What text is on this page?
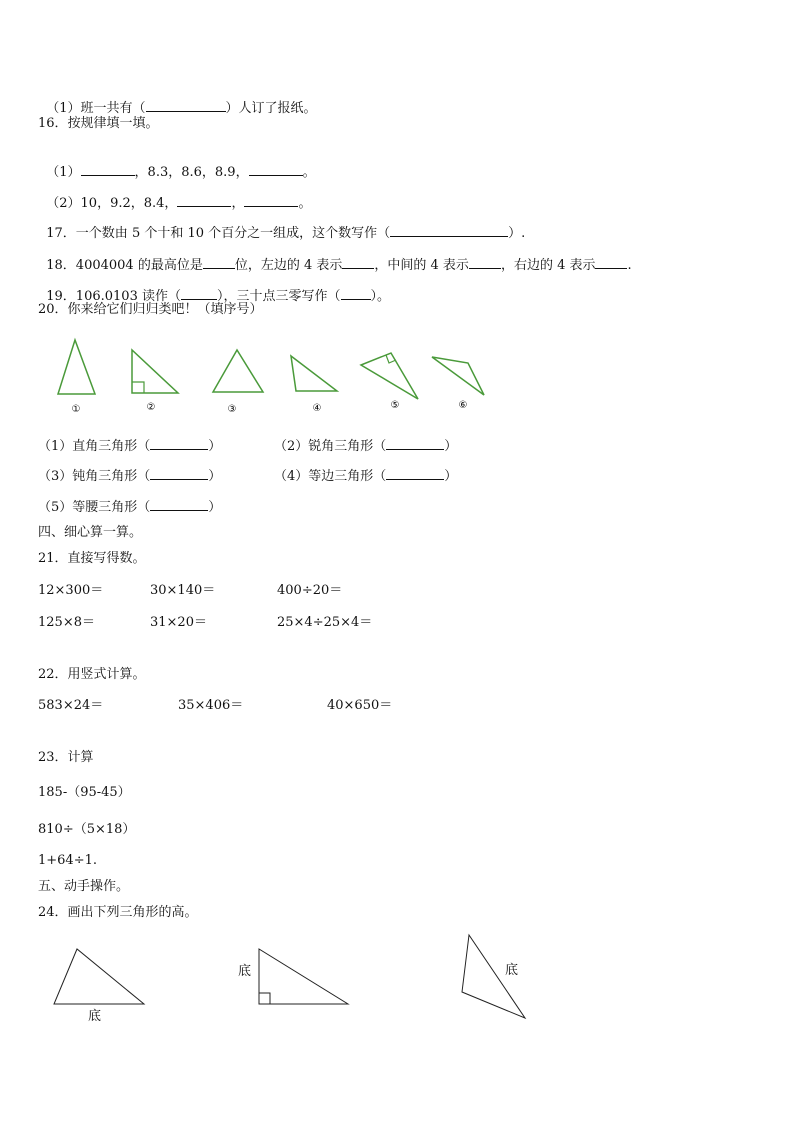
（1）班一共有（	）人订了报纸。

16．按规律填一填。

（1）	，8.3，8.6，8.9，	。

（2）10，9.2，8.4，	，	。

17．一个数由 5 个十和 10 个百分之一组成，这个数写作（	）.

18．4004004 的最高位是 位，左边的 4 表示 ，中间的 4 表示 ，右边的 4 表示 .

19．106.0103 读作（	），三十点三零写作（ ）。

20．你来给它们归归类吧！（填序号）
①	②	③	④	⑤	⑥
（1）直角三角形（	）	（2）锐角三角形（	）
（3）钝角三角形（	）	（4）等边三角形（	）
（5）等腰三角形（	）
四、细心算一算。
21．直接写得数。
12×300＝	30×140＝	400÷20＝
125×8＝	31×20＝	25×4÷25×4＝
22．用竖式计算。
583×24＝	35×406＝	40×650＝
23．计算
185-（95-45）
810÷（5×18）
1+64÷1.
五、动手操作。
24．画出下列三角形的高。
底
底	底
